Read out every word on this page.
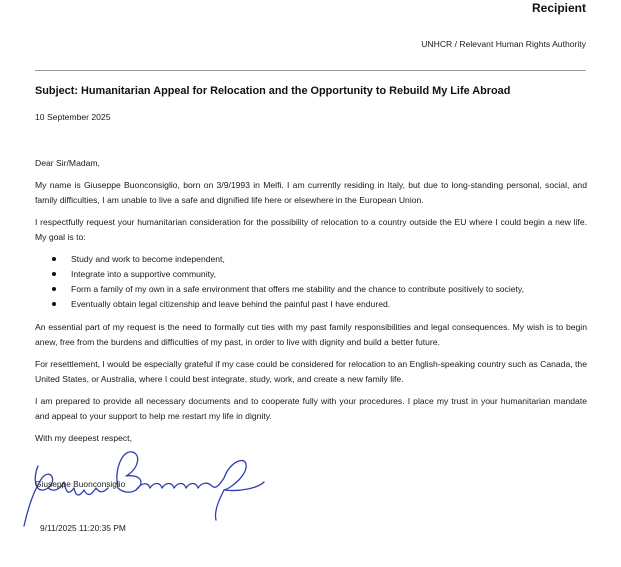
Recipient
UNHCR / Relevant Human Rights Authority
Subject: Humanitarian Appeal for Relocation and the Opportunity to Rebuild My Life Abroad
10 September 2025

Dear Sir/Madam,

My name is Giuseppe Buonconsiglio, born on 3/9/1993 in Melfi. I am currently residing in Italy, but due to long-standing personal, social, and family difficulties, I am unable to live a safe and dignified life here or elsewhere in the European Union.

I respectfully request your humanitarian consideration for the possibility of relocation to a country outside the EU where I could begin a new life. My goal is to:

Study and work to become independent,
Integrate into a supportive community,
Form a family of my own in a safe environment that offers me stability and the chance to contribute positively to society,
Eventually obtain legal citizenship and leave behind the painful past I have endured.

An essential part of my request is the need to formally cut ties with my past family responsibilities and legal consequences. My wish is to begin anew, free from the burdens and difficulties of my past, in order to live with dignity and build a better future.

For resettlement, I would be especially grateful if my case could be considered for relocation to an English-speaking country such as Canada, the United States, or Australia, where I could best integrate, study, work, and create a new family life.

I am prepared to provide all necessary documents and to cooperate fully with your procedures. I place my trust in your humanitarian mandate and appeal to your support to help me restart my life in dignity.

With my deepest respect,

Giuseppe Buonconsiglio
9/11/2025 11:20:35 PM
